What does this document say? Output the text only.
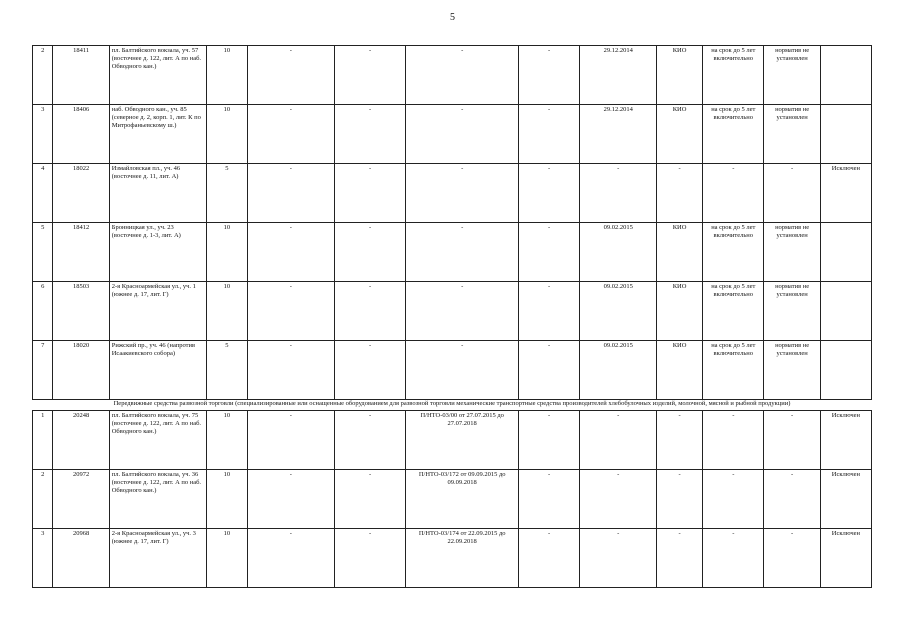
5
2	18411	пл. Балтийского вокзала, уч. 57 (восточнее д. 122, лит. А по наб. Обводного кан.)	10	-	-	-	-	29.12.2014	КИО	на срок до 5 лет включительно	норматив не установлен	
3	18406	наб. Обводного кан., уч. 85 (северное д. 2, корп. 1, лит. К по Митрофаньевскому ш.)	10	-	-	-	-	29.12.2014	КИО	на срок до 5 лет включительно	норматив не установлен	
4	18022	Измайловская пл., уч. 46 (восточнее д. 11, лит. А)	5	-	-	-	-	-	-	-	-	Исключен
5	18412	Бронницкая ул., уч. 23 (восточнее д. 1-3, лит. А)	10	-	-	-	-	09.02.2015	КИО	на срок до 5 лет включительно	норматив не установлен	
6	18503	2-я Красноармейская ул., уч. 1 (южнее д. 17, лит. Г)	10	-	-	-	-	09.02.2015	КИО	на срок до 5 лет включительно	норматив не установлен	
7	18020	Рижский пр., уч. 46 (напротив Исаакиевского собора)	5	-	-	-	-	09.02.2015	КИО	на срок до 5 лет включительно	норматив не установлен	
Передвижные средства развозной торговли (специализированные или оснащенные оборудованием для развозной торговли механические транспортные средства производителей хлебобулочных изделий, молочной, мясной и рыбной продукции)												
1	20248	пл. Балтийского вокзала, уч. 75 (восточнее д. 122, лит. А по наб. Обводного кан.)	10	-	-	П/НТО-03/00 от 27.07.2015 до 27.07.2018	-	-	-	-	-	Исключен
2	20972	пл. Балтийского вокзала, уч. 36 (восточнее д. 122, лит. А по наб. Обводного кан.)	10	-	-	П/НТО-03/172 от 09.09.2015 до 09.09.2018	-	-	-	-	-	Исключен
3	20968	2-я Красноармейская ул., уч. 3 (южнее д. 17, лит. Г)	10	-	-	П/НТО-03/174 от 22.09.2015 до 22.09.2018	-	-	-	-	-	Исключен
